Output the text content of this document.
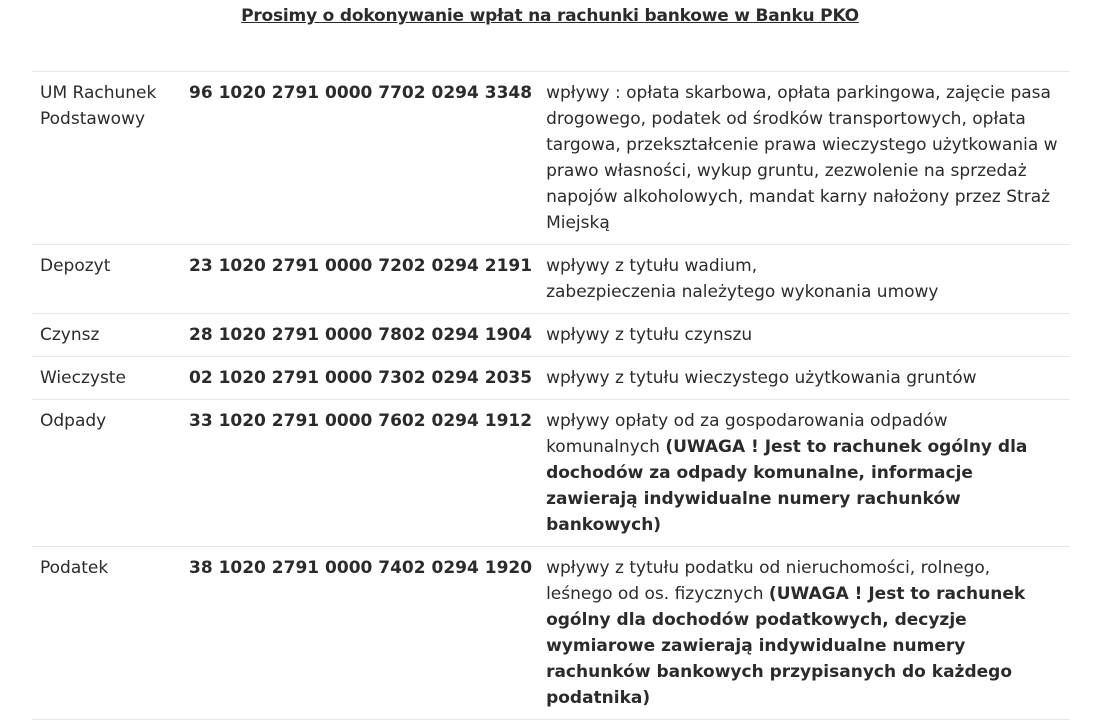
Prosimy o dokonywanie wpłat na rachunki bankowe w Banku PKO
UM Rachunek Podstawowy	96 1020 2791 0000 7702 0294 3348	wpływy : opłata skarbowa, opłata parkingowa, zajęcie pasa drogowego, podatek od środków transportowych, opłata targowa, przekształcenie prawa wieczystego użytkowania w prawo własności, wykup gruntu, zezwolenie na sprzedaż napojów alkoholowych, mandat karny nałożony przez Straż Miejską
Depozyt	23 1020 2791 0000 7202 0294 2191	wpływy z tytułu wadium,
zabezpieczenia należytego wykonania umowy

Czynsz	28 1020 2791 0000 7802 0294 1904	wpływy z tytułu czynszu
Wieczyste	02 1020 2791 0000 7302 0294 2035	wpływy z tytułu wieczystego użytkowania gruntów
Odpady	33 1020 2791 0000 7602 0294 1912	wpływy opłaty od za gospodarowania odpadów komunalnych (UWAGA ! Jest to rachunek ogólny dla dochodów za odpady komunalne, informacje zawierają indywidualne numery rachunków bankowych)
Podatek	38 1020 2791 0000 7402 0294 1920	wpływy z tytułu podatku od nieruchomości, rolnego, leśnego od os. fizycznych (UWAGA ! Jest to rachunek ogólny dla dochodów podatkowych, decyzje wymiarowe zawierają indywidualne numery rachunków bankowych przypisanych do każdego podatnika)
